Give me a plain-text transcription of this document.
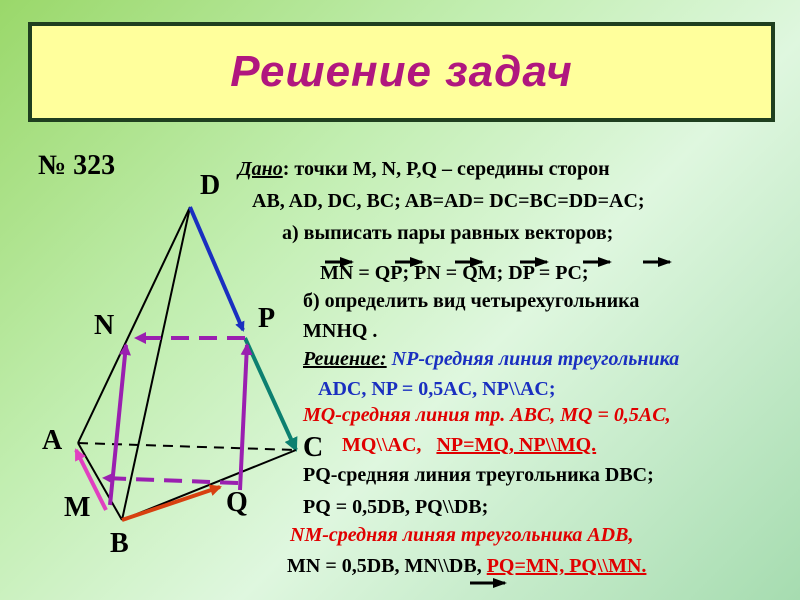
Решение задач
№ 323
D
P
N
A	C
M	Q
B
Дано: точки M, N, P,Q – середины сторон
AB, AD, DC, BC; AB=AD= DC=BC=DD=AC;
а) выписать пары равных векторов;
MN = QP; PN = QM; DP = PC;
б) определить вид четырехугольника
MNHQ .
Решение: NP-средняя линия треугольника
ADC, NP = 0,5AC, NP\\AC;
MQ-средняя линия тр. ABC, MQ = 0,5AC,
MQ\\AC, NP=MQ, NP\\MQ.
PQ-средняя линия треугольника DBC;
PQ = 0,5DB, PQ\\DB;
NM-средняя линяя треугольника ADB,
MN = 0,5DB, MN\\DB, PQ=MN, PQ\\MN.
